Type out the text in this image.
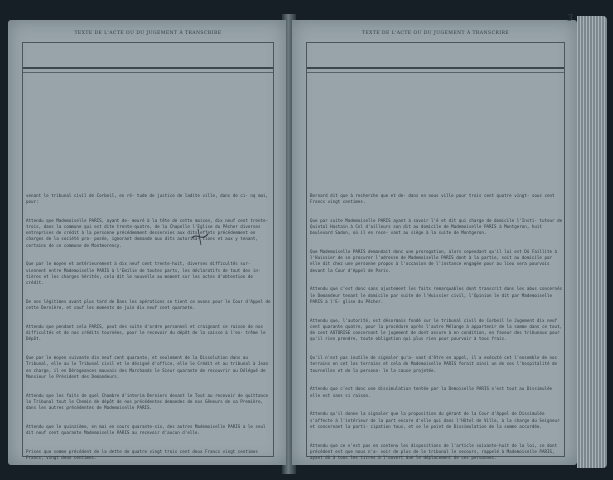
TEXTE DE L'ACTE OU DU JUGEMENT À TRANSCRIRE

venant le tribunal civil de Corbeil, en ré- tude de justice de ladite ville, dans de ci- nq mai, pour:

Attendu que Mademoiselle PARIS, ayant de- meuré à la tête de cette maison, dix neuf cent trente-trois, dans la commune qui est dite trente-quatre, de la Chapelle l'Eglise du Pêcher diverses entreprises de crédit à la personne précédemment desservies aux dits effets précédemment en charges de la société pro- posée, ignorant demande aux dits autorisa- tions et aux y tenant, certains de ce commune de Montmorency.

Que par le moyen et antérieurement à dix neuf cent trente-huit, diverses difficultés sur- viennent entre Mademoiselle PARIS à l'Emilie de toutes parts, les déclaratifs de tout des in- tières et les charges hérités, cela dit le nouvelle au moment sur les actes d'obtention de crédit.

De nos légitimes avant plus tard de Dans les opérations se tient ce avons pour le Cour d'Appel de cette Dernière, et sauf les moments de juin dix neuf cent quarante.

Attendu que pendant cela PARIS, peut des suite d'ordre personnel et craignant ce raison de nos difficultés et de nos crédits tournées, pour le recevoir du dépôt de la caisse à l'ex- trême le Dépôt.

Que par le moyen suivante dix neuf cent quarante, et seulement de la Dissolution dans au Tribunal, elle au le Tribunal civil et le désigné d'office, elle le Crédit et au tribunal à Jean en charge, il en Dérogeances mauvais des Marchands le Sieur quarante de recouvrir au Délégué de Monsieur le Président des Demandeurs.

Attendu que les faits de quel Chambre d'interim Derniers devant le Tout au recevoir de quittance la Tribunal tout le Chemin de dépôt de nos précédentes demandes de nos Gêneurs de sa Première, dans les autres précédentes de Mademoiselle PARIS.

Attendu que le quinzième, en mai en cours quarante-six, des autres Mademoiselle PARIS a le seul dit neuf cent quarante Mademoiselle PARIS au recevoir d'aucun d'elle.

Prises que somme précédent de la dette de quatre vingt trois cent deux Francs vingt centimes Francs, vingt deux centimes.

3
TEXTE DE L'ACTE OU DU JUGEMENT À TRANSCRIRE

Bernard dit que à recherche que et de- dans en nous ville pour trois cent quatre vingt- sous cent Francs vingt centimes.

Que par suite Mademoiselle PARIS ayant à savoir l'é et dit qui charge de domicile l'Insti- tuteur de Quintal Hastain à Cnl d'ailleurs son dit au domicile de Mademoiselle PARIS à Montgeron, huit boulevard Sadon, où il en rece- vant au siège à la suite de Montgeron.

Que Mademoiselle PARIS demandait donc une prorogation, alors cependant qu'il lui est Dû Faillite à l'Huissier de se procurer l'adresse de Mademoiselle PARIS dont à la partie, soit au domicile par elle dit chez une personne propos à l'occasion de l'instance engagée pour au lieu sera pourvois devant la Cour d'Appel de Paris.

Attendu que c'est donc sans ajustement les faits remarquables dont transcrit dans les abus concernés le Demandeur tenant le domicile par suite de l'Huissier civil, l'Opinion le dit par Mademoiselle PARIS à l'E- glise du Pêcher.

Attendu que, l'autorité, est désormais fondé sur le tribunal civil de Corbeil le Jugement dix neuf cent quarante quatre, pour la procédure après l'autre Mélange à appartenir de la somme dans ce tout, de cent AUTORISE concernant le jugement de dont assure à en condition, en faveur des tribunaux pour qu'il rien prendre, toute obligation qui plus rien pour pourvoir à tous frais.

Qu'il n'est pas inutile de signaler qu'a- vant d'être en appel, il a exécuté cet l'ensemble de nos terrains en cet les terrains et cela de Mademoiselle PARIS ferait ainsi un de ses l'hospitalité de tournelles et de la persona- le la cause projetée.

Attendu que c'est donc une dissimulation tentée par la Demoiselle PARIS n'est tout au Dissimulée elle est sans si raison.

Attendu qu'il donne la signaler que la proposition du gérant de la Cour d'Appel de Dissimulée s'affecte à l'intérieur de la part encore d'elle qui dans l'Hôtel de Ville, à la charge du Seigneur et concernant la parti- cipation tous, et se le point de Dissimulation de la somme accordée.

Attendu que ce n'est pas en contenu les dispositions de l'article soixante-huit de la loi, ce dont précédent est que nous n'a- voir de plus de le tribunal le secours, rappelé à Mademoiselle PARIS, ayant dû à tous les titres à l'ouvert due le déplacement de ses personnes.
